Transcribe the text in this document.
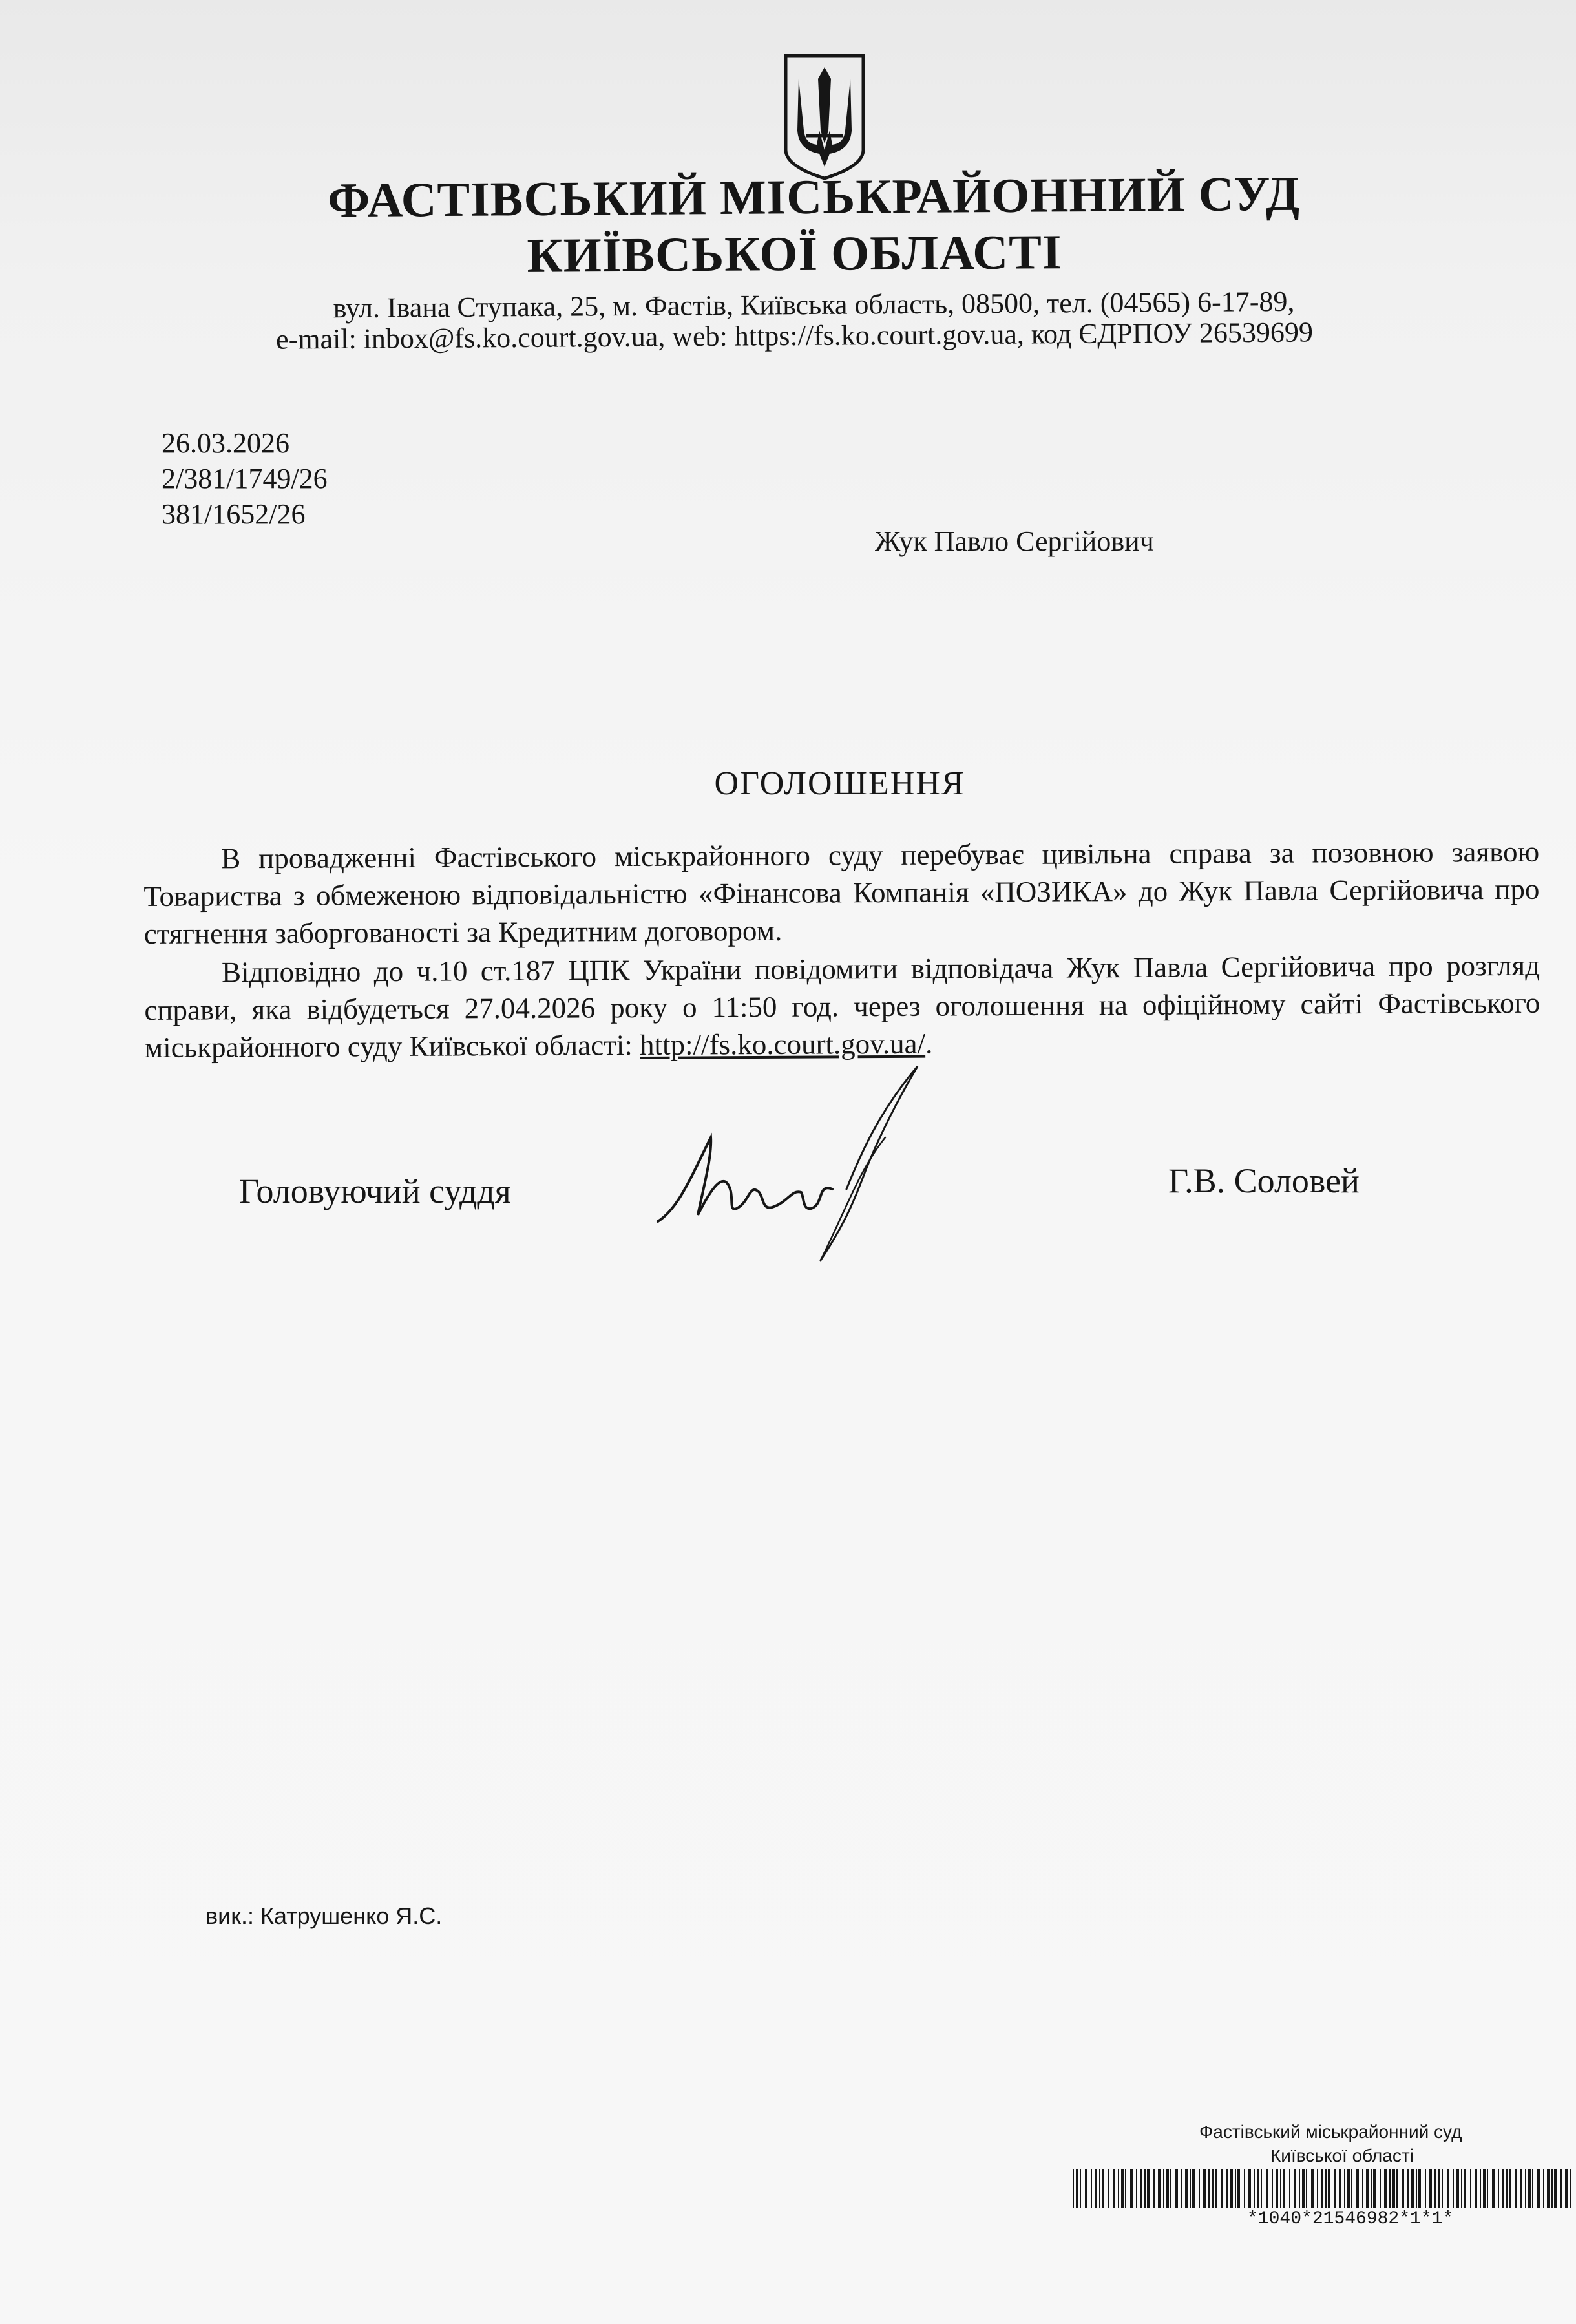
ФАСТІВСЬКИЙ МІСЬКРАЙОННИЙ СУД
КИЇВСЬКОЇ ОБЛАСТІ
вул. Івана Ступака, 25, м. Фастів, Київська область, 08500, тел. (04565) 6-17-89,
e-mail: inbox@fs.ko.court.gov.ua, web: https://fs.ko.court.gov.ua, код ЄДРПОУ 26539699
26.03.2026
2/381/1749/26
381/1652/26
Жук Павло Сергійович
ОГОЛОШЕННЯ

В провадженні Фастівського міськрайонного суду перебуває цивільна справа за позовною заявою Товариства з обмеженою відповідальністю «Фінансова Компанія «ПОЗИКА» до Жук Павла Сергійовича про стягнення заборгованості за Кредитним договором.

Відповідно до ч.10 ст.187 ЦПК України повідомити відповідача Жук Павла Сергійовича про розгляд справи, яка відбудеться 27.04.2026 року о 11:50 год. через оголошення на офіційному сайті Фастівського міськрайонного суду Київської області: http://fs.ko.court.gov.ua/.

Головуючий суддя	Г.В. Соловей
вик.: Катрушенко Я.С.
Фастівський міськрайонний суд
Київської області
*1040*21546982*1*1*
